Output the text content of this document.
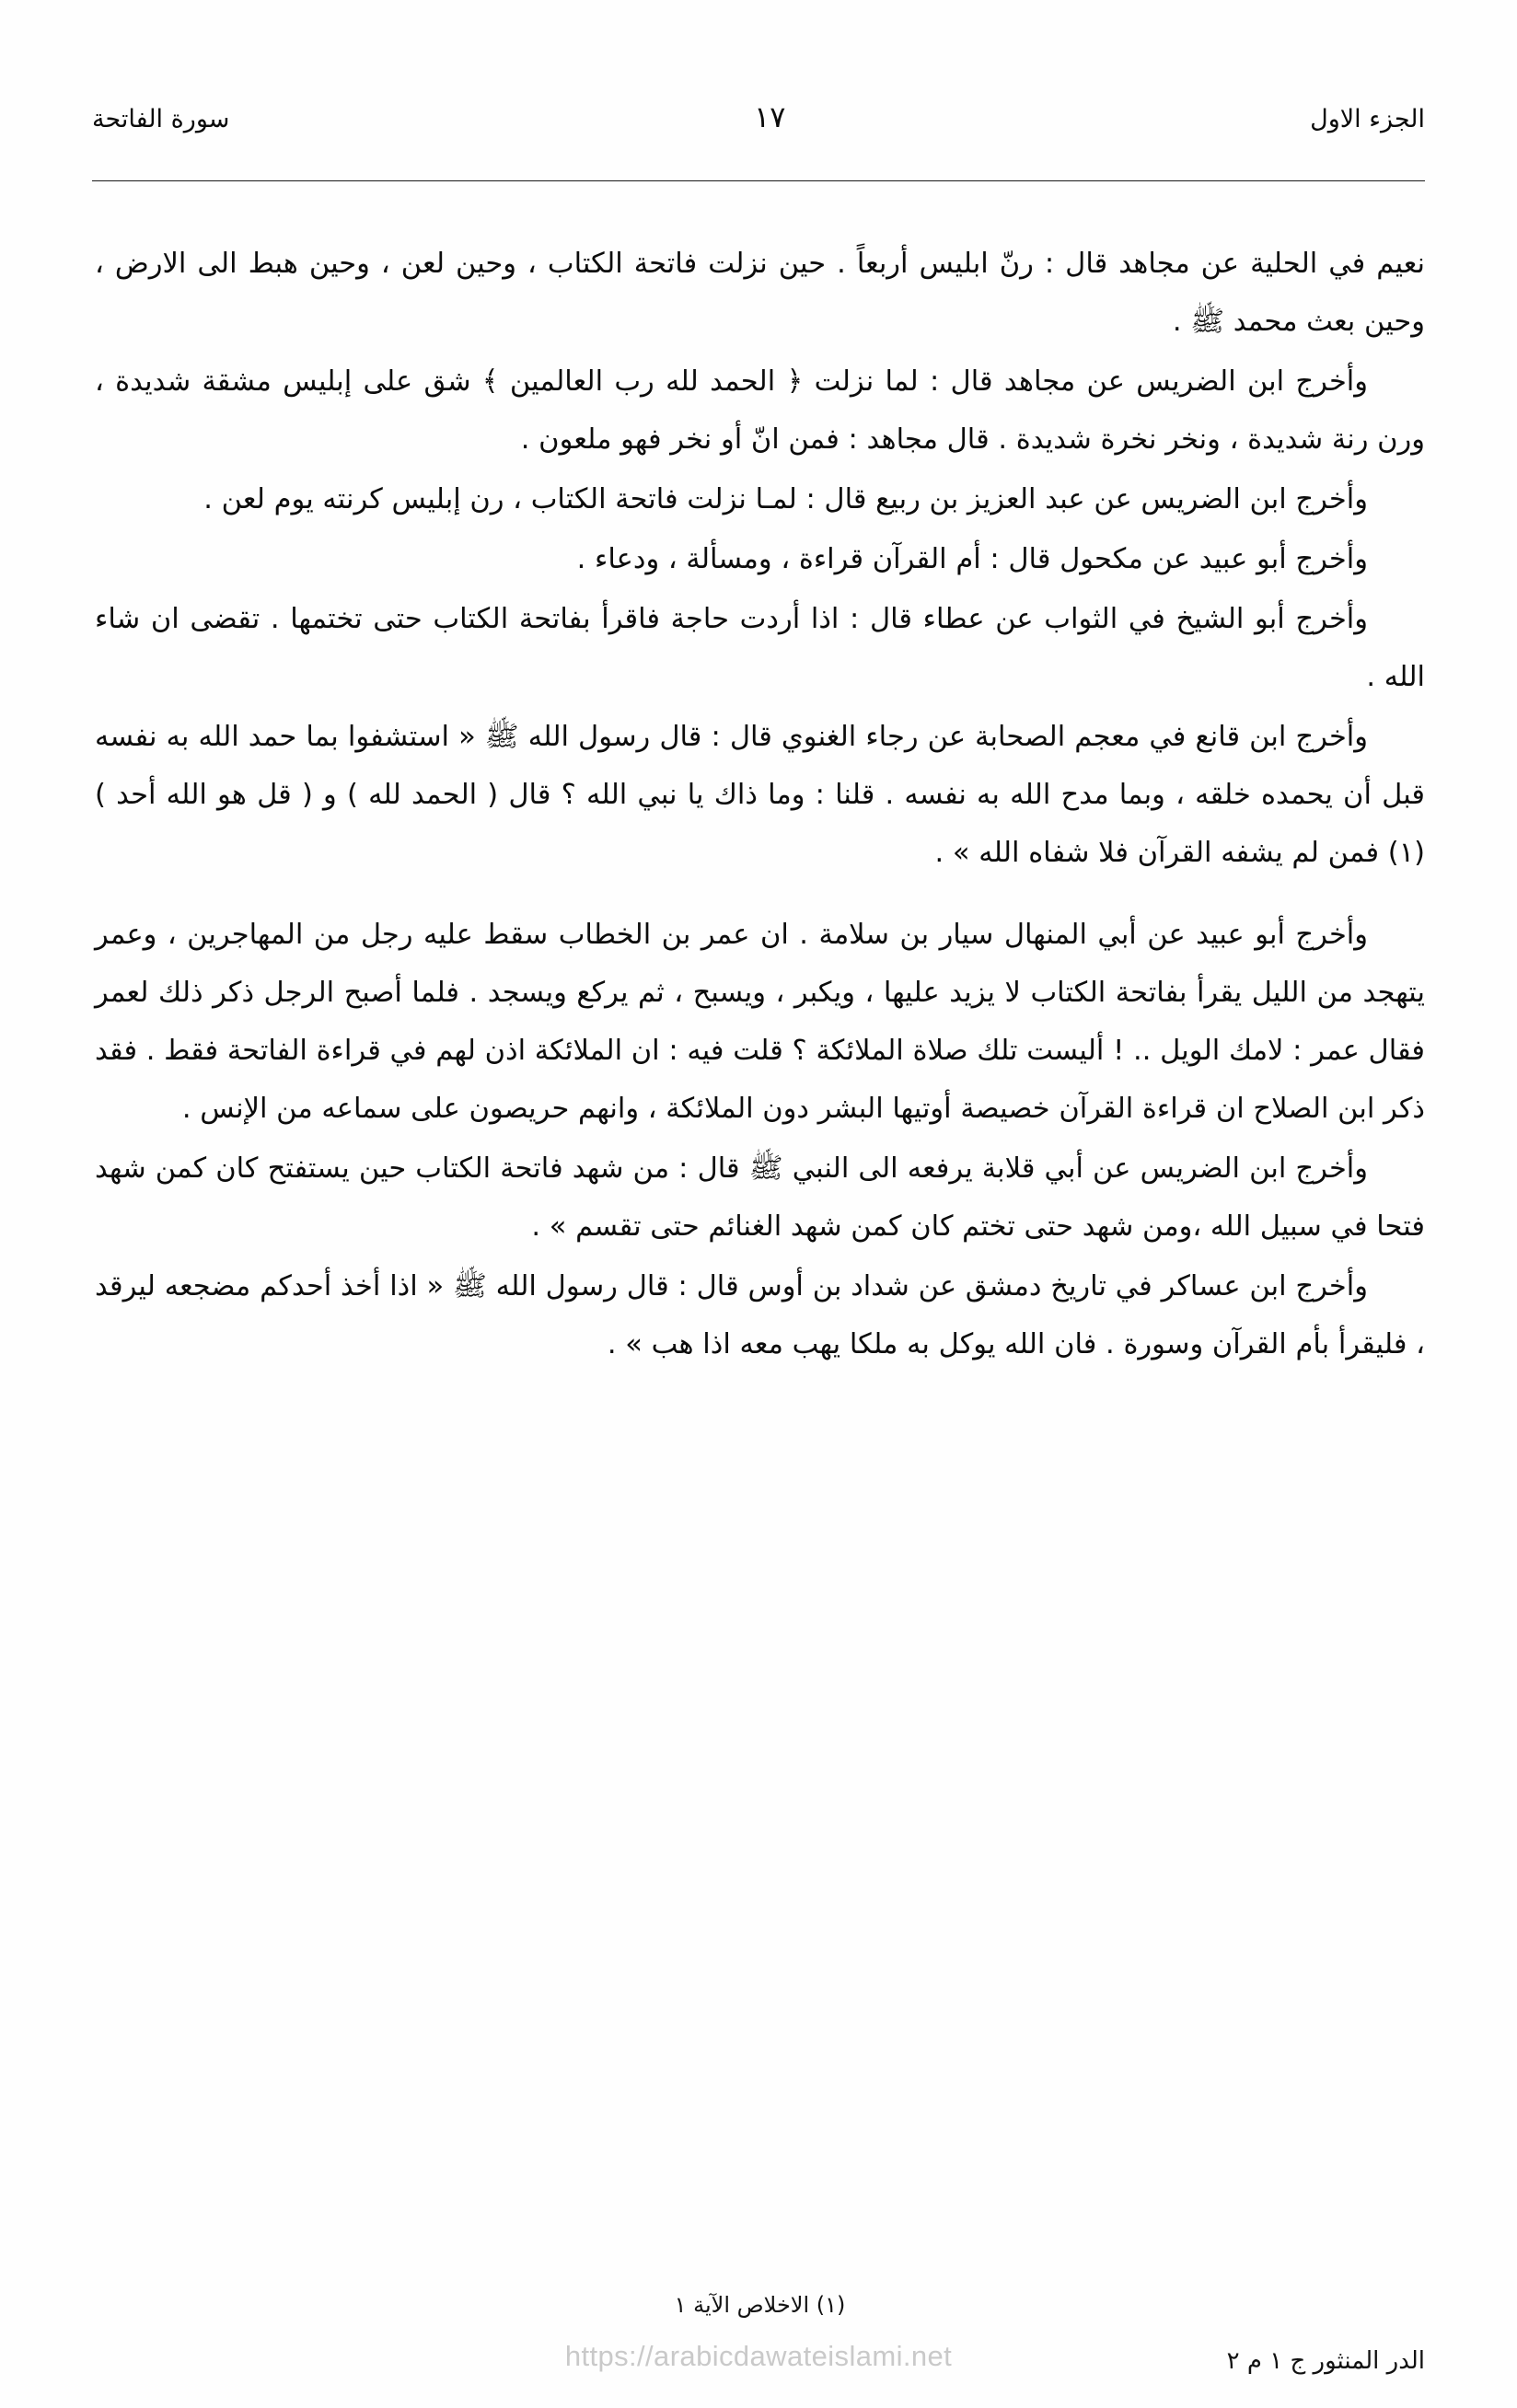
سورة الفاتحة	١٧	الجزء الاول

نعيم في الحلية عن مجاهد قال : رنّ ابليس أربعاً . حين نزلت فاتحة الكتاب ، وحين لعن ، وحين هبط الى الارض ، وحين بعث محمد ﷺ .

وأخرج ابن الضريس عن مجاهد قال : لما نزلت ﴿ الحمد لله رب العالمين ﴾ شق على إبليس مشقة شديدة ، ورن رنة شديدة ، ونخر نخرة شديدة . قال مجاهد : فمن انّ أو نخر فهو ملعون .

وأخرج ابن الضريس عن عبد العزيز بن ربيع قال : لمـا نزلت فاتحة الكتاب ، رن إبليس كرنته يوم لعن .

وأخرج أبو عبيد عن مكحول قال : أم القرآن قراءة ، ومسألة ، ودعاء .

وأخرج أبو الشيخ في الثواب عن عطاء قال : اذا أردت حاجة فاقرأ بفاتحة الكتاب حتى تختمها . تقضى ان شاء الله .

وأخرج ابن قانع في معجم الصحابة عن رجاء الغنوي قال : قال رسول الله ﷺ « استشفوا بما حمد الله به نفسه قبل أن يحمده خلقه ، وبما مدح الله به نفسه . قلنا : وما ذاك يا نبي الله ؟ قال ( الحمد لله ) و ( قل هو الله أحد ) (١) فمن لم يشفه القرآن فلا شفاه الله » .

وأخرج أبو عبيد عن أبي المنهال سيار بن سلامة . ان عمر بن الخطاب سقط عليه رجل من المهاجرين ، وعمر يتهجد من الليل يقرأ بفاتحة الكتاب لا يزيد عليها ، ويكبر ، ويسبح ، ثم يركع ويسجد . فلما أصبح الرجل ذكر ذلك لعمر فقال عمر : لامك الويل .. ! أليست تلك صلاة الملائكة ؟ قلت فيه : ان الملائكة اذن لهم في قراءة الفاتحة فقط . فقد ذكر ابن الصلاح ان قراءة القرآن خصيصة أوتيها البشر دون الملائكة ، وانهم حريصون على سماعه من الإنس .

وأخرج ابن الضريس عن أبي قلابة يرفعه الى النبي ﷺ قال : من شهد فاتحة الكتاب حين يستفتح كان كمن شهد فتحا في سبيل الله ،ومن شهد حتى تختم كان كمن شهد الغنائم حتى تقسم » .

وأخرج ابن عساكر في تاريخ دمشق عن شداد بن أوس قال : قال رسول الله ﷺ « اذا أخذ أحدكم مضجعه ليرقد ، فليقرأ بأم القرآن وسورة . فان الله يوكل به ملكا يهب معه اذا هب » .

(١) الاخلاص الآية ١
الدر المنثور ج ١ م ٢
https://arabicdawateislami.net
